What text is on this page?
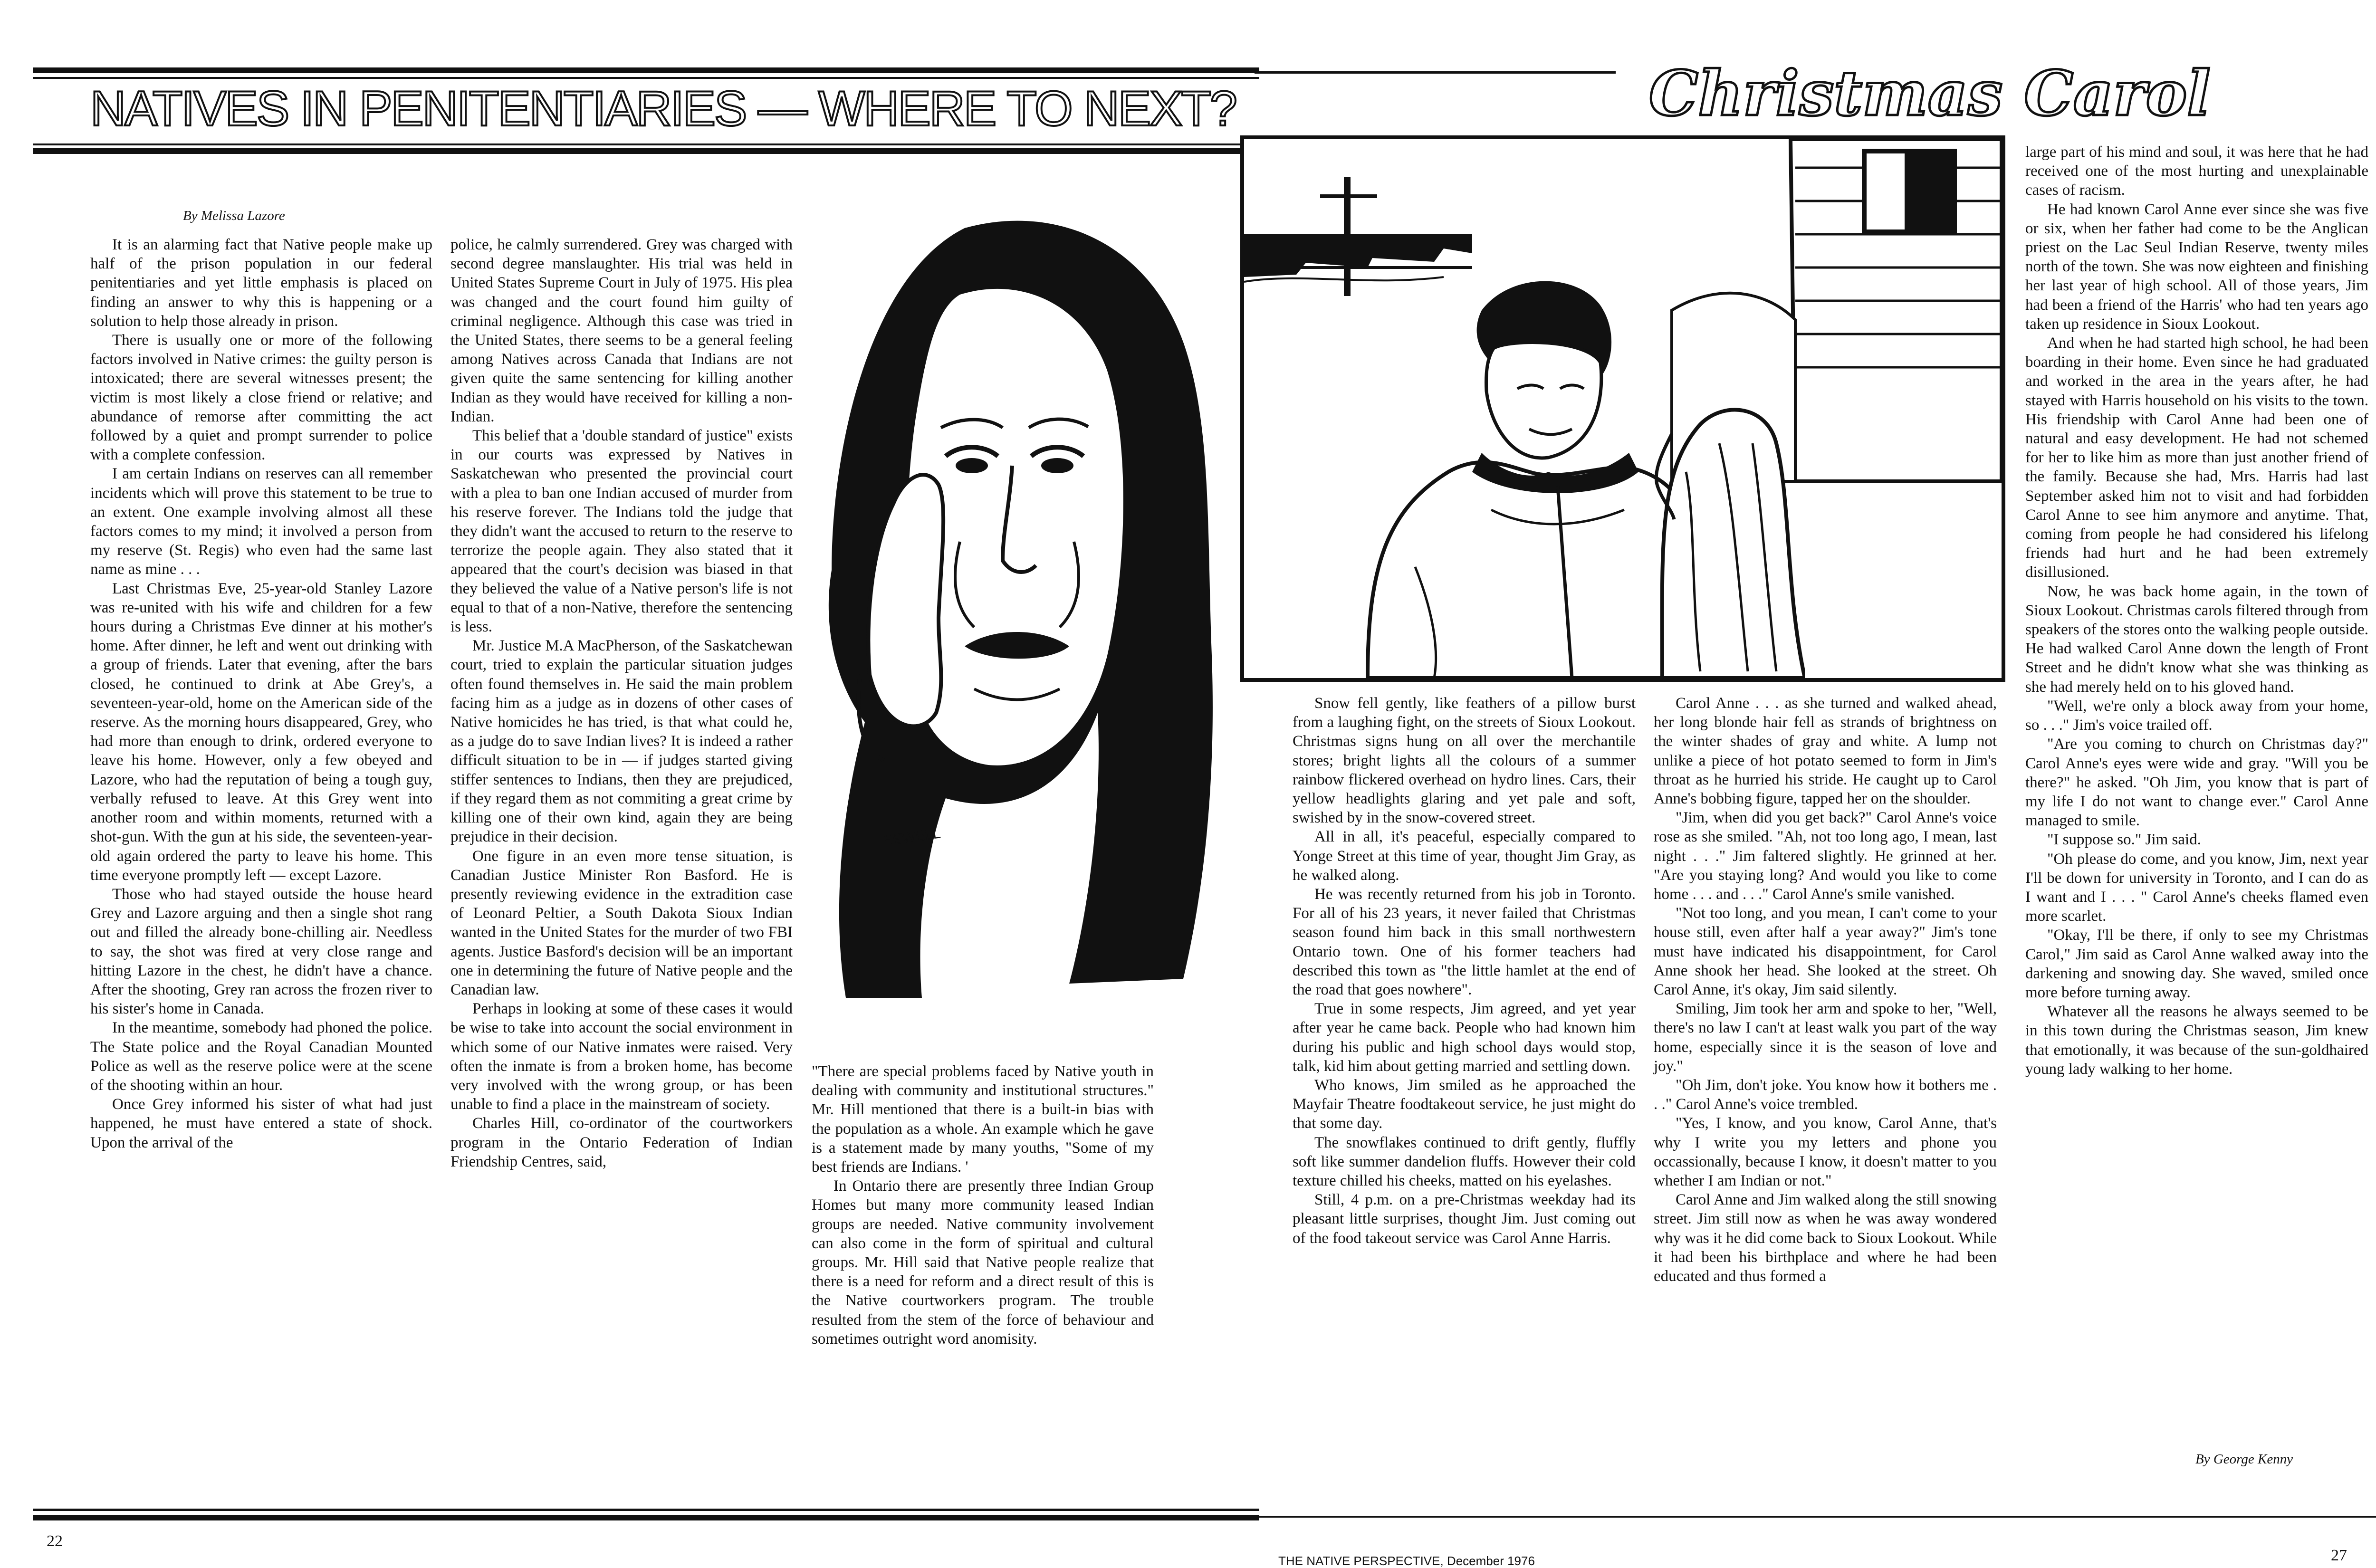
NATIVES IN PENITENTIARIES — WHERE TO NEXT?
By Melissa Lazore

It is an alarming fact that Native people make up half of the prison population in our federal penitentiaries and yet little emphasis is placed on finding an answer to why this is happening or a solution to help those already in prison.

There is usually one or more of the following factors involved in Native crimes: the guilty person is intoxicated; there are several witnesses present; the victim is most likely a close friend or relative; and abundance of remorse after committing the act followed by a quiet and prompt surrender to police with a complete confession.

I am certain Indians on reserves can all remember incidents which will prove this statement to be true to an extent. One example involving almost all these factors comes to my mind; it involved a person from my reserve (St. Regis) who even had the same last name as mine . . .

Last Christmas Eve, 25-year-old Stanley Lazore was re-united with his wife and children for a few hours during a Christmas Eve dinner at his mother's home. After dinner, he left and went out drinking with a group of friends. Later that evening, after the bars closed, he continued to drink at Abe Grey's, a seventeen-year-old, home on the American side of the reserve. As the morning hours disappeared, Grey, who had more than enough to drink, ordered everyone to leave his home. However, only a few obeyed and Lazore, who had the reputation of being a tough guy, verbally refused to leave. At this Grey went into another room and within moments, returned with a shot-gun. With the gun at his side, the seventeen-year-old again ordered the party to leave his home. This time everyone promptly left — except Lazore.

Those who had stayed outside the house heard Grey and Lazore arguing and then a single shot rang out and filled the already bone-chilling air. Needless to say, the shot was fired at very close range and hitting Lazore in the chest, he didn't have a chance. After the shooting, Grey ran across the frozen river to his sister's home in Canada.

In the meantime, somebody had phoned the police. The State police and the Royal Canadian Mounted Police as well as the reserve police were at the scene of the shooting within an hour.

Once Grey informed his sister of what had just happened, he must have entered a state of shock. Upon the arrival of the

police, he calmly surrendered. Grey was charged with second degree manslaughter. His trial was held in United States Supreme Court in July of 1975. His plea was changed and the court found him guilty of criminal negligence. Although this case was tried in the United States, there seems to be a general feeling among Natives across Canada that Indians are not given quite the same sentencing for killing another Indian as they would have received for killing a non-Indian.

This belief that a 'double standard of justice" exists in our courts was expressed by Natives in Saskatchewan who presented the provincial court with a plea to ban one Indian accused of murder from his reserve forever. The Indians told the judge that they didn't want the accused to return to the reserve to terrorize the people again. They also stated that it appeared that the court's decision was biased in that they believed the value of a Native person's life is not equal to that of a non-Native, therefore the sentencing is less.

Mr. Justice M.A MacPherson, of the Saskatchewan court, tried to explain the particular situation judges often found themselves in. He said the main problem facing him as a judge as in dozens of other cases of Native homicides he has tried, is that what could he, as a judge do to save Indian lives? It is indeed a rather difficult situation to be in — if judges started giving stiffer sentences to Indians, then they are prejudiced, if they regard them as not commiting a great crime by killing one of their own kind, again they are being prejudice in their decision.

One figure in an even more tense situation, is Canadian Justice Minister Ron Basford. He is presently reviewing evidence in the extradition case of Leonard Peltier, a South Dakota Sioux Indian wanted in the United States for the murder of two FBI agents. Justice Basford's decision will be an important one in determining the future of Native people and the Canadian law.

Perhaps in looking at some of these cases it would be wise to take into account the social environment in which some of our Native inmates were raised. Very often the inmate is from a broken home, has become very involved with the wrong group, or has been unable to find a place in the mainstream of society.

Charles Hill, co-ordinator of the courtworkers program in the Ontario Federation of Indian Friendship Centres, said,

"There are special problems faced by Native youth in dealing with community and institutional structures." Mr. Hill mentioned that there is a built-in bias with the population as a whole. An example which he gave is a statement made by many youths, "Some of my best friends are Indians. '

In Ontario there are presently three Indian Group Homes but many more community leased Indian groups are needed. Native community involvement can also come in the form of spiritual and cultural groups. Mr. Hill said that Native people realize that there is a need for reform and a direct result of this is the Native courtworkers program. The trouble resulted from the stem of the force of behaviour and sometimes outright word anomisity.

SEWELL
Christmas Carol

Snow fell gently, like feathers of a pillow burst from a laughing fight, on the streets of Sioux Lookout. Christmas signs hung on all over the merchantile stores; bright lights all the colours of a summer rainbow flickered overhead on hydro lines. Cars, their yellow headlights glaring and yet pale and soft, swished by in the snow-covered street.

All in all, it's peaceful, especially compared to Yonge Street at this time of year, thought Jim Gray, as he walked along.

He was recently returned from his job in Toronto. For all of his 23 years, it never failed that Christmas season found him back in this small northwestern Ontario town. One of his former teachers had described this town as "the little hamlet at the end of the road that goes nowhere".

True in some respects, Jim agreed, and yet year after year he came back. People who had known him during his public and high school days would stop, talk, kid him about getting married and settling down.

Who knows, Jim smiled as he approached the Mayfair Theatre foodtakeout service, he just might do that some day.

The snowflakes continued to drift gently, fluffly soft like summer dandelion fluffs. However their cold texture chilled his cheeks, matted on his eyelashes.

Still, 4 p.m. on a pre-Christmas weekday had its pleasant little surprises, thought Jim. Just coming out of the food takeout service was Carol Anne Harris.

Carol Anne . . . as she turned and walked ahead, her long blonde hair fell as strands of brightness on the winter shades of gray and white. A lump not unlike a piece of hot potato seemed to form in Jim's throat as he hurried his stride. He caught up to Carol Anne's bobbing figure, tapped her on the shoulder.

"Jim, when did you get back?" Carol Anne's voice rose as she smiled. "Ah, not too long ago, I mean, last night . . ." Jim faltered slightly. He grinned at her. "Are you staying long? And would you like to come home . . . and . . ." Carol Anne's smile vanished.

"Not too long, and you mean, I can't come to your house still, even after half a year away?" Jim's tone must have indicated his disappointment, for Carol Anne shook her head. She looked at the street. Oh Carol Anne, it's okay, Jim said silently.

Smiling, Jim took her arm and spoke to her, "Well, there's no law I can't at least walk you part of the way home, especially since it is the season of love and joy."

"Oh Jim, don't joke. You know how it bothers me . . ." Carol Anne's voice trembled.

"Yes, I know, and you know, Carol Anne, that's why I write you my letters and phone you occassionally, because I know, it doesn't matter to you whether I am Indian or not."

Carol Anne and Jim walked along the still snowing street. Jim still now as when he was away wondered why was it he did come back to Sioux Lookout. While it had been his birthplace and where he had been educated and thus formed a

large part of his mind and soul, it was here that he had received one of the most hurting and unexplainable cases of racism.

He had known Carol Anne ever since she was five or six, when her father had come to be the Anglican priest on the Lac Seul Indian Reserve, twenty miles north of the town. She was now eighteen and finishing her last year of high school. All of those years, Jim had been a friend of the Harris' who had ten years ago taken up residence in Sioux Lookout.

And when he had started high school, he had been boarding in their home. Even since he had graduated and worked in the area in the years after, he had stayed with Harris household on his visits to the town. His friendship with Carol Anne had been one of natural and easy development. He had not schemed for her to like him as more than just another friend of the family. Because she had, Mrs. Harris had last September asked him not to visit and had forbidden Carol Anne to see him anymore and anytime. That, coming from people he had considered his lifelong friends had hurt and he had been extremely disillusioned.

Now, he was back home again, in the town of Sioux Lookout. Christmas carols filtered through from speakers of the stores onto the walking people outside. He had walked Carol Anne down the length of Front Street and he didn't know what she was thinking as she had merely held on to his gloved hand.

"Well, we're only a block away from your home, so . . ." Jim's voice trailed off.

"Are you coming to church on Christmas day?" Carol Anne's eyes were wide and gray. "Will you be there?" he asked. "Oh Jim, you know that is part of my life I do not want to change ever." Carol Anne managed to smile.

"I suppose so." Jim said.

"Oh please do come, and you know, Jim, next year I'll be down for university in Toronto, and I can do as I want and I . . . " Carol Anne's cheeks flamed even more scarlet.

"Okay, I'll be there, if only to see my Christmas Carol," Jim said as Carol Anne walked away into the darkening and snowing day. She waved, smiled once more before turning away.

Whatever all the reasons he always seemed to be in this town during the Christmas season, Jim knew that emotionally, it was because of the sun-goldhaired young lady walking to her home.

By George Kenny
22
THE NATIVE PERSPECTIVE, December 1976	27
